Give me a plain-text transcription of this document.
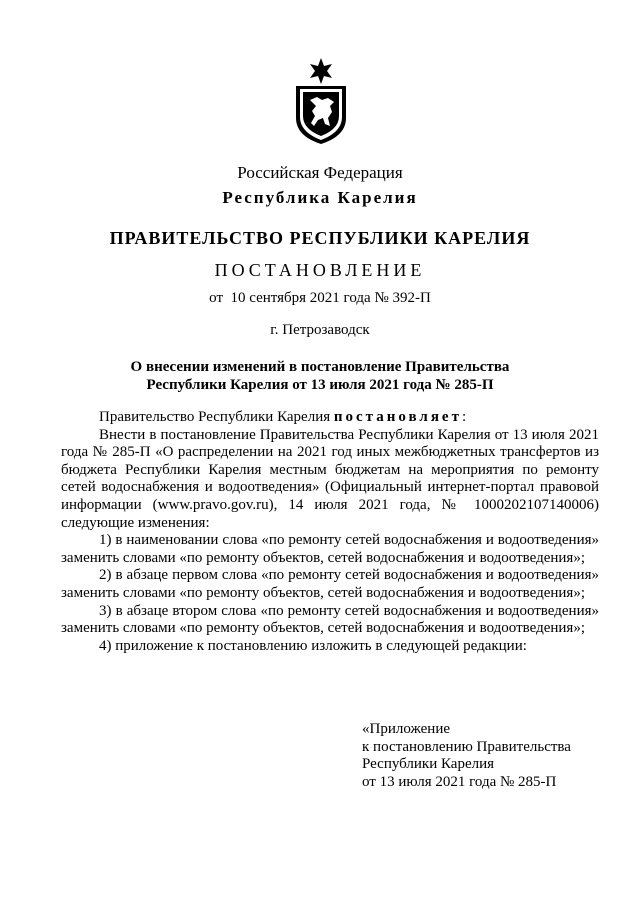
Российская Федерация
Республика Карелия
ПРАВИТЕЛЬСТВО РЕСПУБЛИКИ КАРЕЛИЯ
ПОСТАНОВЛЕНИЕ
от  10 сентября 2021 года № 392-П
г. Петрозаводск
О внесении изменений в постановление Правительства
Республики Карелия от 13 июля 2021 года № 285-П

Правительство Республики Карелия постановляет:

Внести в постановление Правительства Республики Карелия от 13 июля 2021 года № 285-П «О распределении на 2021 год иных межбюджетных трансфертов из бюджета Республики Карелия местным бюджетам на мероприятия по ремонту сетей водоснабжения и водоотведения» (Официальный интернет-портал правовой информации (www.pravo.gov.ru), 14 июля 2021 года, № 1000202107140006) следующие изменения:

1) в наименовании слова «по ремонту сетей водоснабжения и водоотведения» заменить словами «по ремонту объектов, сетей водоснабжения и водоотведения»;

2) в абзаце первом слова «по ремонту сетей водоснабжения и водоотведения» заменить словами «по ремонту объектов, сетей водоснабжения и водоотведения»;

3) в абзаце втором слова «по ремонту сетей водоснабжения и водоотведения» заменить словами «по ремонту объектов, сетей водоснабжения и водоотведения»;

4) приложение к постановлению изложить в следующей редакции:

«Приложение
к постановлению Правительства
Республики Карелия
от 13 июля 2021 года № 285-П
